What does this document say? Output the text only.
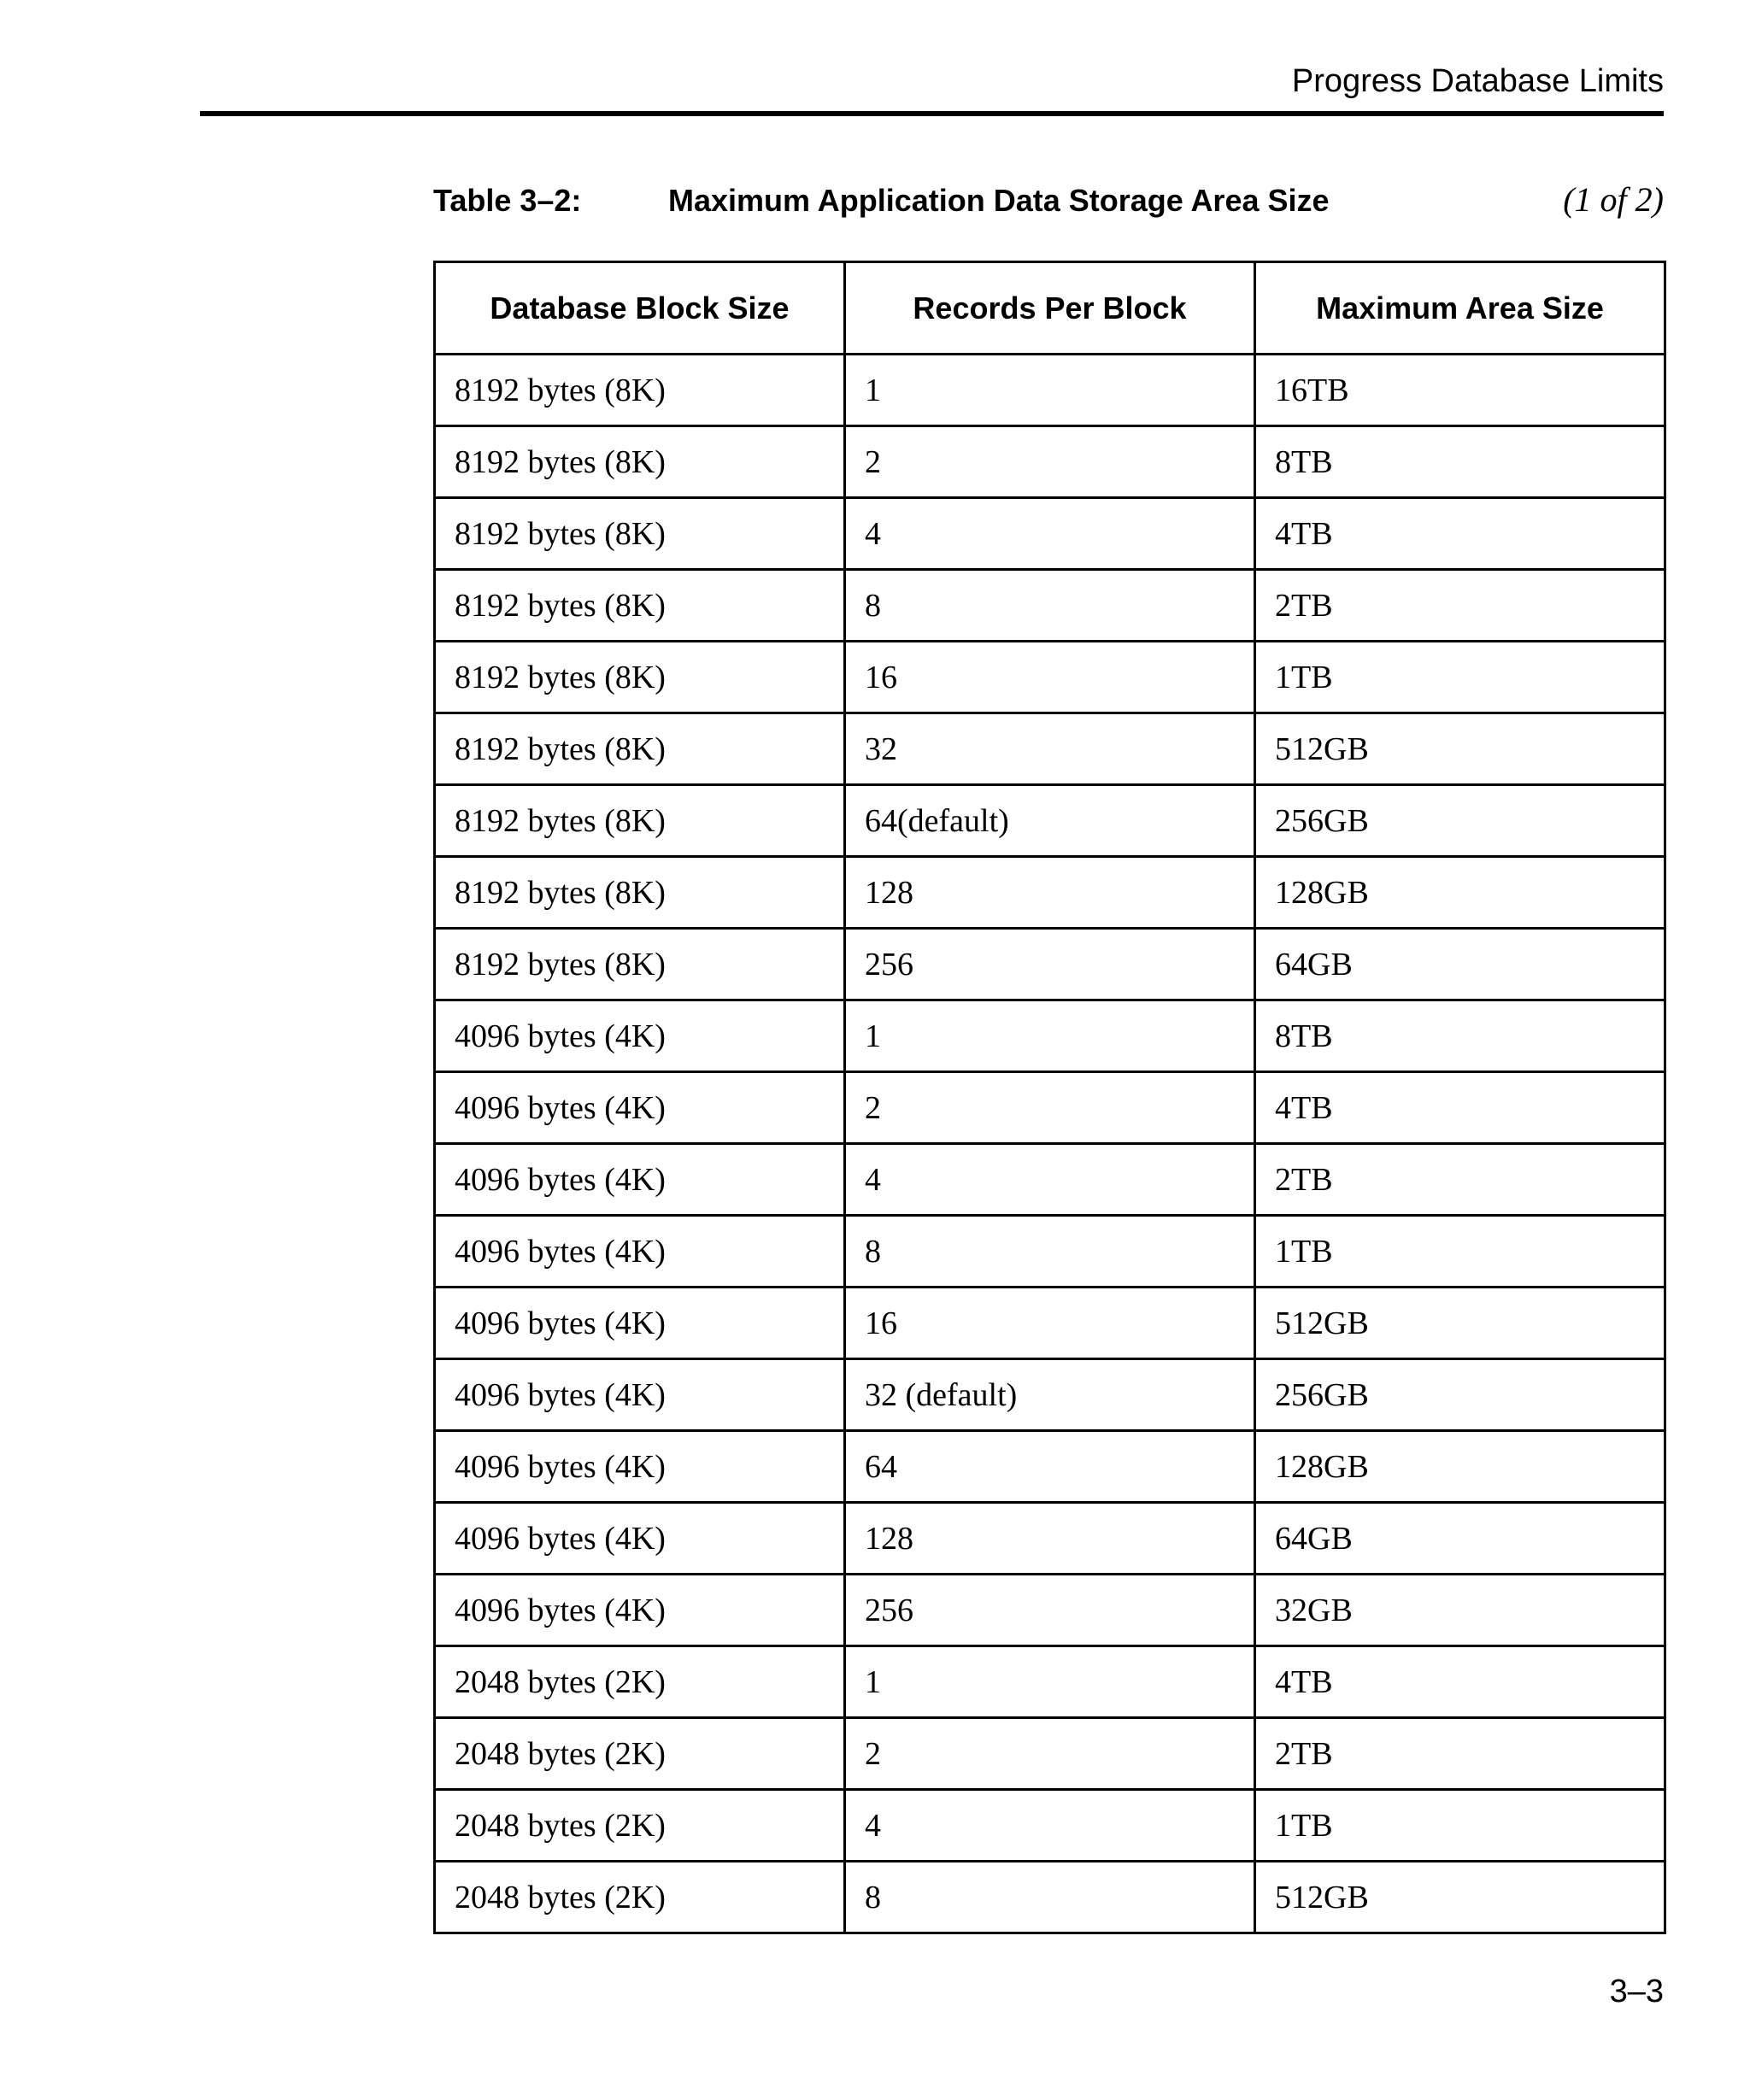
Progress Database Limits
Table 3–2:	Maximum Application Data Storage Area Size	(1 of 2)
Database Block Size	Records Per Block	Maximum Area Size
8192 bytes (8K)	1	16TB
8192 bytes (8K)	2	8TB
8192 bytes (8K)	4	4TB
8192 bytes (8K)	8	2TB
8192 bytes (8K)	16	1TB
8192 bytes (8K)	32	512GB
8192 bytes (8K)	64(default)	256GB
8192 bytes (8K)	128	128GB
8192 bytes (8K)	256	64GB
4096 bytes (4K)	1	8TB
4096 bytes (4K)	2	4TB
4096 bytes (4K)	4	2TB
4096 bytes (4K)	8	1TB
4096 bytes (4K)	16	512GB
4096 bytes (4K)	32 (default)	256GB
4096 bytes (4K)	64	128GB
4096 bytes (4K)	128	64GB
4096 bytes (4K)	256	32GB
2048 bytes (2K)	1	4TB
2048 bytes (2K)	2	2TB
2048 bytes (2K)	4	1TB
2048 bytes (2K)	8	512GB
3–3
